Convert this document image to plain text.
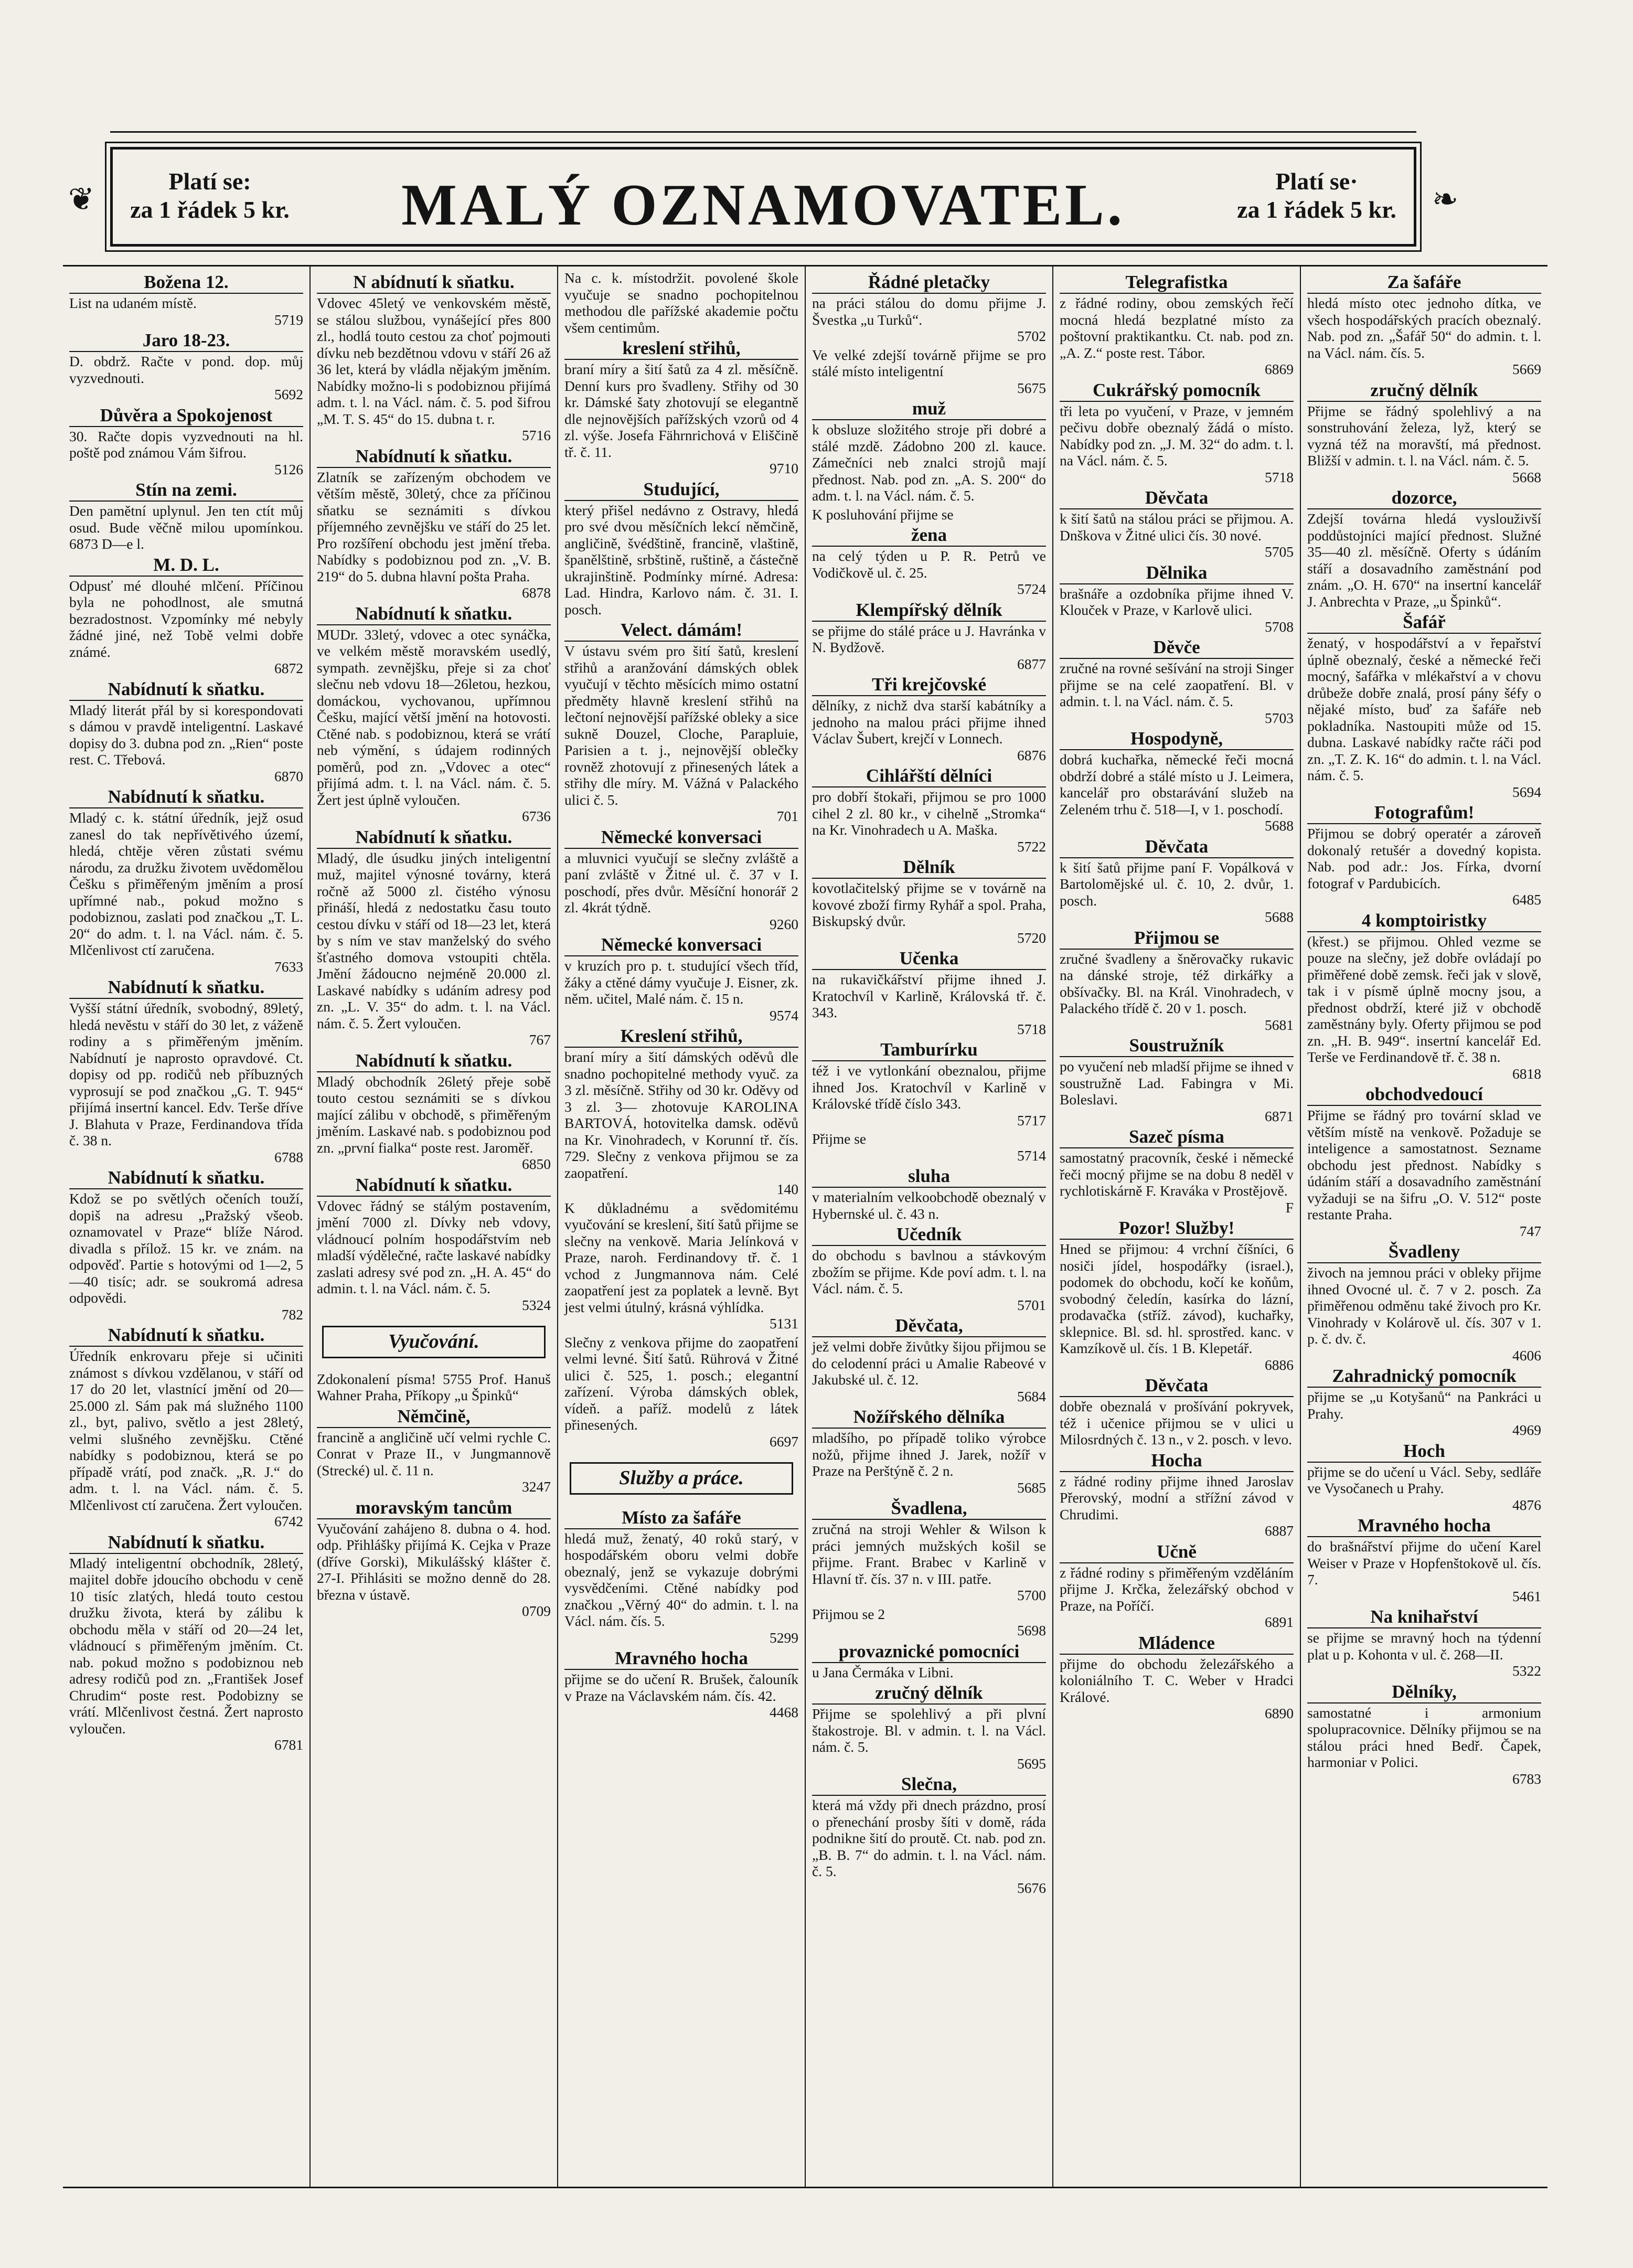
❦	Platí se:
za 1 řádek 5 kr.	MALÝ OZNAMOVATEL.	Platí se·
za 1 řádek 5 kr. ❧
Božena 12.

List na udaném místě.

5719
Jaro 18-23.

D. obdrž. Račte v pond. dop. můj vyzvednouti.

5692
Důvěra a Spokojenost

30. Račte dopis vyzvednouti na hl. poště pod známou Vám šifrou.

5126
Stín na zemi.

Den pamětní uplynul. Jen ten ctít můj osud. Bude věčně milou upomínkou. 6873 D—e l.

M. D. L.

Odpusť mé dlouhé mlčení. Příčinou byla ne pohodlnost, ale smutná bezradostnost. Vzpomínky mé nebyly žádné jiné, než Tobě velmi dobře známé.

6872
Nabídnutí k sňatku.

Mladý literát přál by si korespondovati s dámou v pravdě inteligentní. Laskavé dopisy do 3. dubna pod zn. „Rien“ poste rest. C. Třebová.

6870
Nabídnutí k sňatku.

Mladý c. k. státní úředník, jejž osud zanesl do tak nepřívětivého území, hledá, chtěje věren zůstati svému národu, za družku životem uvědomělou Češku s přiměřeným jměním a prosí upřímné nab., pokud možno s podobiznou, zaslati pod značkou „T. L. 20“ do adm. t. l. na Václ. nám. č. 5. Mlčenlivost ctí zaručena.

7633
Nabídnutí k sňatku.

Vyšší státní úředník, svobodný, 89letý, hledá nevěstu v stáří do 30 let, z váženě rodiny a s přiměřeným jměním. Nabídnutí je naprosto opravdové. Ct. dopisy od pp. rodičů neb příbuzných vyprosují se pod značkou „G. T. 945“ přijímá insertní kancel. Edv. Terše dříve J. Blahuta v Praze, Ferdinandova třída č. 38 n.

6788
Nabídnutí k sňatku.

Kdož se po světlých očeních touží, dopiš na adresu „Pražský všeob. oznamovatel v Praze“ blíže Národ. divadla s přílož. 15 kr. ve znám. na odpověď. Partie s hotovými od 1—2, 5—40 tisíc; adr. se soukromá adresa odpovědi.

782
Nabídnutí k sňatku.

Úředník enkrovaru přeje si učiniti známost s dívkou vzdělanou, v stáří od 17 do 20 let, vlastnící jmění od 20—25.000 zl. Sám pak má služného 1100 zl., byt, palivo, světlo a jest 28letý, velmi slušného zevnějšku. Ctěné nabídky s podobiznou, která se po případě vrátí, pod značk. „R. J.“ do adm. t. l. na Václ. nám. č. 5. Mlčenlivost ctí zaručena. Žert vyloučen.

6742
Nabídnutí k sňatku.

Mladý inteligentní obchodník, 28letý, majitel dobře jdoucího obchodu v ceně 10 tisíc zlatých, hledá touto cestou družku života, která by zálibu k obchodu měla v stáří od 20—24 let, vládnoucí s přiměřeným jměním. Ct. nab. pokud možno s podobiznou neb adresy rodičů pod zn. „František Josef Chrudim“ poste rest. Podobizny se vrátí. Mlčenlivost čestná. Žert naprosto vyloučen.

6781
N abídnutí k sňatku.

Vdovec 45letý ve venkovském městě, se stálou službou, vynášející přes 800 zl., hodlá touto cestou za choť pojmouti dívku neb bezdětnou vdovu v stáří 26 až 36 let, která by vládla nějakým jměním. Nabídky možno-li s podobiznou přijímá adm. t. l. na Václ. nám. č. 5. pod šifrou „M. T. S. 45“ do 15. dubna t. r.

5716
Nabídnutí k sňatku.

Zlatník se zařízeným obchodem ve větším městě, 30letý, chce za příčinou sňatku se seznámiti s dívkou příjemného zevnějšku ve stáří do 25 let. Pro rozšíření obchodu jest jmění třeba. Nabídky s podobiznou pod zn. „V. B. 219“ do 5. dubna hlavní pošta Praha.

6878
Nabídnutí k sňatku.

MUDr. 33letý, vdovec a otec synáčka, ve velkém městě moravském usedlý, sympath. zevnějšku, přeje si za choť slečnu neb vdovu 18—26letou, hezkou, domáckou, vychovanou, upřímnou Češku, mající větší jmění na hotovosti. Ctěné nab. s podobiznou, která se vrátí neb výmění, s údajem rodinných poměrů, pod zn. „Vdovec a otec“ přijímá adm. t. l. na Václ. nám. č. 5. Žert jest úplně vyloučen.

6736
Nabídnutí k sňatku.

Mladý, dle úsudku jiných inteligentní muž, majitel výnosné továrny, která ročně až 5000 zl. čistého výnosu přináší, hledá z nedostatku času touto cestou dívku v stáří od 18—23 let, která by s ním ve stav manželský do svého šťastného domova vstoupiti chtěla. Jmění žádoucno nejméně 20.000 zl. Laskavé nabídky s udáním adresy pod zn. „L. V. 35“ do adm. t. l. na Václ. nám. č. 5. Žert vyloučen.

767
Nabídnutí k sňatku.

Mladý obchodník 26letý přeje sobě touto cestou seznámiti se s dívkou mající zálibu v obchodě, s přiměřeným jměním. Laskavé nab. s podobiznou pod zn. „první fialka“ poste rest. Jaroměř.

6850
Nabídnutí k sňatku.

Vdovec řádný se stálým postavením, jmění 7000 zl. Dívky neb vdovy, vládnoucí polním hospodářstvím neb mladší výdělečné, račte laskavé nabídky zaslati adresy své pod zn. „H. A. 45“ do admin. t. l. na Václ. nám. č. 5.

5324
Vyučování.

Zdokonalení písma! 5755 Prof. Hanuš Wahner Praha, Příkopy „u Špinků“

Němčině,

francině a angličině učí velmi rychle C. Conrat v Praze II., v Jungmannově (Strecké) ul. č. 11 n.

3247
moravským tancům

Vyučování zahájeno 8. dubna o 4. hod. odp. Přihlášky přijímá K. Cejka v Praze (dříve Gorski), Mikulášský klášter č. 27-I. Přihlásiti se možno denně do 28. března v ústavě.

0709

Na c. k. místodržit. povolené škole vyučuje se snadno pochopitelnou methodou dle pařížské akademie počtu všem centimům.

kreslení střihů,

braní míry a šití šatů za 4 zl. měsíčně. Denní kurs pro švadleny. Střihy od 30 kr. Dámské šaty zhotovují se elegantně dle nejnovějších pařížských vzorů od 4 zl. výše. Josefa Fährnrichová v Eliščině tř. č. 11.

9710
Studující,

který přišel nedávno z Ostravy, hledá pro své dvou měsíčních lekcí němčině, angličině, švédštině, francině, vlaštině, španělštině, srbštině, ruštině, a částečně ukrajinštině. Podmínky mírné. Adresa: Lad. Hindra, Karlovo nám. č. 31. I. posch.

Velect. dámám!

V ústavu svém pro šití šatů, kreslení střihů a aranžování dámských oblek vyučují v těchto měsících mimo ostatní předměty hlavně kreslení střihů na lečtoní nejnovější pařížské obleky a sice sukně Douzel, Cloche, Parapluie, Parisien a t. j., nejnovější oblečky rovněž zhotovují z přinesených látek a střihy dle míry. M. Vážná v Palackého ulici č. 5.

701
Německé konversaci

a mluvnici vyučují se slečny zvláště a paní zvláště v Žitné ul. č. 37 v I. poschodí, přes dvůr. Měsíční honorář 2 zl. 4krát týdně.

9260
Německé konversaci

v kruzích pro p. t. studující všech tříd, žáky a ctěné dámy vyučuje J. Eisner, zk. něm. učitel, Malé nám. č. 15 n.

9574
Kreslení střihů,

braní míry a šití dámských oděvů dle snadno pochopitelné methody vyuč. za 3 zl. měsíčně. Střihy od 30 kr. Oděvy od 3 zl. 3— zhotovuje KAROLINA BARTOVÁ, hotovitelka damsk. oděvů na Kr. Vinohradech, v Korunní tř. čís. 729. Slečny z venkova přijmou se za zaopatření.

140

K důkladnému a svědomitému vyučování se kreslení, šití šatů přijme se slečny na venkově. Maria Jelínková v Praze, naroh. Ferdinandovy tř. č. 1 vchod z Jungmannova nám. Celé zaopatření jest za poplatek a levně. Byt jest velmi útulný, krásná výhlídka.

5131

Slečny z venkova přijme do zaopatření velmi levné. Šití šatů. Rührová v Žitné ulici č. 525, 1. posch.; elegantní zařízení. Výroba dámských oblek, vídeň. a paříž. modelů z látek přinesených.

6697
Služby a práce.
Místo za šafáře

hledá muž, ženatý, 40 roků starý, v hospodářském oboru velmi dobře obeznalý, jenž se vykazuje dobrými vysvědčeními. Ctěné nabídky pod značkou „Věrný 40“ do admin. t. l. na Václ. nám. čís. 5.

5299
Mravného hocha

přijme se do učení R. Brušek, čalouník v Praze na Václavském nám. čís. 42.

4468
Řádné pletačky

na práci stálou do domu přijme J. Švestka „u Turků“.

5702

Ve velké zdejší továrně přijme se pro stálé místo inteligentní

5675
muž

k obsluze složitého stroje při dobré a stálé mzdě. Zádobno 200 zl. kauce. Zámečníci neb znalci strojů mají přednost. Nab. pod zn. „A. S. 200“ do adm. t. l. na Václ. nám. č. 5.

K posluhování přijme se

žena

na celý týden u P. R. Petrů ve Vodičkově ul. č. 25.

5724
Klempířský dělník

se přijme do stálé práce u J. Havránka v N. Bydžově.

6877
Tři krejčovské

dělníky, z nichž dva starší kabátníky a jednoho na malou práci přijme ihned Václav Šubert, krejčí v Lonnech.

6876
Cihlářští dělníci

pro dobří štokaři, přijmou se pro 1000 cihel 2 zl. 80 kr., v cihelně „Stromka“ na Kr. Vinohradech u A. Maška.

5722
Dělník

kovotlačitelský přijme se v továrně na kovové zboží firmy Ryhář a spol. Praha, Biskupský dvůr.

5720
Učenka

na rukavičkářství přijme ihned J. Kratochvíl v Karlině, Královská tř. č. 343.

5718
Tamburírku

též i ve vytlonkání obeznalou, přijme ihned Jos. Kratochvíl v Karlině v Královské třídě číslo 343.

5717

Přijme se

5714
sluha

v materialním velkoobchodě obeznalý v Hybernské ul. č. 43 n.

Učedník

do obchodu s bavlnou a stávkovým zbožím se přijme. Kde poví adm. t. l. na Václ. nám. č. 5.

5701
Děvčata,

jež velmi dobře živůtky šijou přijmou se do celodenní práci u Amalie Rabeové v Jakubské ul. č. 12.

5684
Nožířského dělníka

mladšího, po případě toliko výrobce nožů, přijme ihned J. Jarek, nožíř v Praze na Perštýně č. 2 n.

5685
Švadlena,

zručná na stroji Wehler & Wilson k práci jemných mužských košil se přijme. Frant. Brabec v Karlině v Hlavní tř. čís. 37 n. v III. patře.

5700

Přijmou se 2

5698
provaznické pomocníci

u Jana Čermáka v Libni.

zručný dělník

Přijme se spolehlivý a při plvní štakostroje. Bl. v admin. t. l. na Václ. nám. č. 5.

5695
Slečna,

která má vždy při dnech prázdno, prosí o přenechání prosby šíti v domě, ráda podnikne šití do proutě. Ct. nab. pod zn. „B. B. 7“ do admin. t. l. na Václ. nám. č. 5.

5676
Telegrafistka

z řádné rodiny, obou zemských řečí mocná hledá bezplatné místo za poštovní praktikantku. Ct. nab. pod zn. „A. Z.“ poste rest. Tábor.

6869
Cukrářský pomocník

tři leta po vyučení, v Praze, v jemném pečivu dobře obeznalý žádá o místo. Nabídky pod zn. „J. M. 32“ do adm. t. l. na Václ. nám. č. 5.

5718
Děvčata

k šití šatů na stálou práci se přijmou. A. Dnškova v Žitné ulici čís. 30 nové.

5705
Dělnika

brašnáře a ozdobníka přijme ihned V. Klouček v Praze, v Karlově ulici.

5708
Děvče

zručné na rovné sešívání na stroji Singer přijme se na celé zaopatření. Bl. v admin. t. l. na Václ. nám. č. 5.

5703
Hospodyně,

dobrá kuchařka, německé řeči mocná obdrží dobré a stálé místo u J. Leimera, kancelář pro obstarávání služeb na Zeleném trhu č. 518—I, v 1. poschodí.

5688
Děvčata

k šití šatů přijme paní F. Vopálková v Bartolomějské ul. č. 10, 2. dvůr, 1. posch.

5688
Přijmou se

zručné švadleny a šněrovačky rukavic na dánské stroje, též dirkářky a obšívačky. Bl. na Král. Vinohradech, v Palackého třídě č. 20 v 1. posch.

5681
Soustružník

po vyučení neb mladší přijme se ihned v soustružně Lad. Fabingra v Mi. Boleslavi.

6871
Sazeč písma

samostatný pracovník, české i německé řeči mocný přijme se na dobu 8 neděl v rychlotiskárně F. Kraváka v Prostějově.

F
Pozor! Služby!

Hned se přijmou: 4 vrchní číšníci, 6 nosiči jídel, hospodářky (israel.), podomek do obchodu, kočí ke koňům, svobodný čeledín, kasírka do lázní, prodavačka (stříž. závod), kuchařky, sklepnice. Bl. sd. hl. sprostřed. kanc. v Kamzíkově ul. čís. 1 B. Klepetář.

6886
Děvčata

dobře obeznalá v prošívání pokryvek, též i učenice přijmou se v ulici u Milosrdných č. 13 n., v 2. posch. v levo.

Hocha

z řádné rodiny přijme ihned Jaroslav Přerovský, modní a střížní závod v Chrudimi.

6887
Učně

z řádné rodiny s přiměřeným vzděláním přijme J. Krčka, železářský obchod v Praze, na Poříčí.

6891
Mládence

přijme do obchodu železářského a koloniálního T. C. Weber v Hradci Králové.

6890
Za šafáře

hledá místo otec jednoho dítka, ve všech hospodářských pracích obeznalý. Nab. pod zn. „Šafář 50“ do admin. t. l. na Václ. nám. čís. 5.

5669
zručný dělník

Přijme se řádný spolehlivý a na sonstruhování železa, lyž, který se vyzná též na moravští, má přednost. Bližší v admin. t. l. na Václ. nám. č. 5.

5668
dozorce,

Zdejší továrna hledá vyslouživší poddůstojníci mající přednost. Služné 35—40 zl. měsíčně. Oferty s údáním stáří a dosavadního zaměstnání pod znám. „O. H. 670“ na insertní kancelář J. Anbrechta v Praze, „u Špinků“.

Šafář

ženatý, v hospodářství a v řepařství úplně obeznalý, české a německé řeči mocný, šafářka v mlékařství a v chovu drůbeže dobře znalá, prosí pány šéfy o nějaké místo, buď za šafáře neb pokladníka. Nastoupiti může od 15. dubna. Laskavé nabídky račte ráči pod zn. „T. Z. K. 16“ do admin. t. l. na Václ. nám. č. 5.

5694
Fotografům!

Přijmou se dobrý operatér a zároveň dokonalý retušér a dovedný kopista. Nab. pod adr.: Jos. Fírka, dvorní fotograf v Pardubicích.

6485
4 komptoiristky

(křest.) se přijmou. Ohled vezme se pouze na slečny, jež dobře ovládají po přiměřené době zemsk. řeči jak v slově, tak i v písmě úplně mocny jsou, a přednost obdrží, které již v obchodě zaměstnány byly. Oferty přijmou se pod zn. „H. B. 949“. insertní kancelář Ed. Terše ve Ferdinandově tř. č. 38 n.

6818
obchodvedoucí

Přijme se řádný pro tovární sklad ve větším místě na venkově. Požaduje se inteligence a samostatnost. Sezname obchodu jest přednost. Nabídky s údáním stáří a dosavadního zaměstnání vyžaduji se na šifru „O. V. 512“ poste restante Praha.

747
Švadleny

živoch na jemnou práci v obleky přijme ihned Ovocné ul. č. 7 v 2. posch. Za přiměřenou odměnu také živoch pro Kr. Vinohrady v Kolárově ul. čís. 307 v 1. p. č. dv. č.

4606
Zahradnický pomocník

přijme se „u Kotyšanů“ na Pankráci u Prahy.

4969
Hoch

přijme se do učení u Václ. Seby, sedláře ve Vysočanech u Prahy.

4876
Mravného hocha

do brašnářství přijme do učení Karel Weiser v Praze v Hopfenštokově ul. čís. 7.

5461
Na knihařství

se přijme se mravný hoch na týdenní plat u p. Kohonta v ul. č. 268—II.

5322
Dělníky,

samostatné i armonium spolupracovnice. Dělníky přijmou se na stálou práci hned Bedř. Čapek, harmoniar v Polici.

6783
